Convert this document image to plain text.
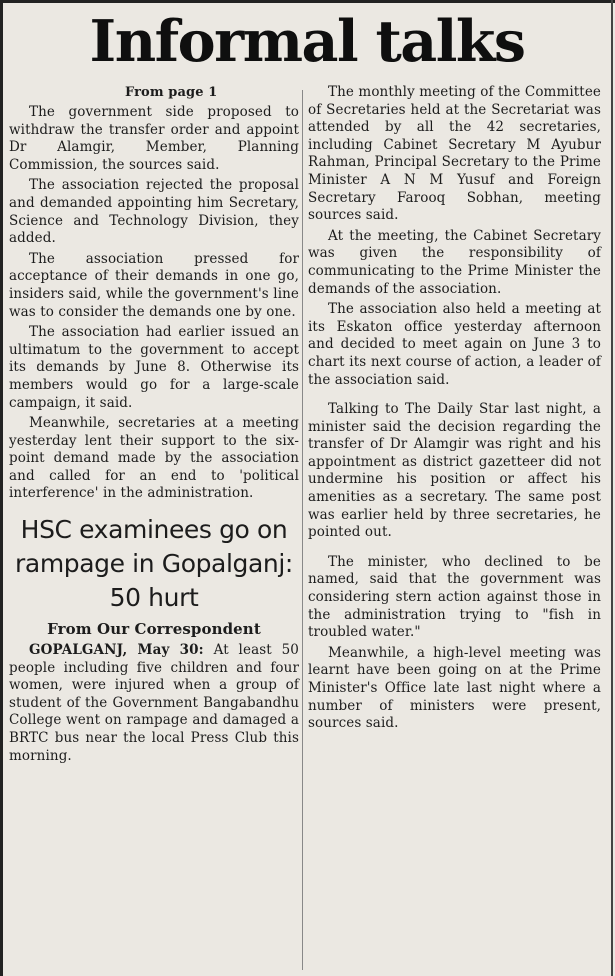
Informal talks

From page 1

The government side proposed to withdraw the transfer order and appoint Dr Alamgir, Member, Planning Commission, the sources said.

The association rejected the proposal and demanded appointing him Secretary, Science and Technology Division, they added.

The association pressed for acceptance of their demands in one go, insiders said, while the government's line was to consider the demands one by one.

The association had earlier issued an ultimatum to the government to accept its demands by June 8. Otherwise its members would go for a large-scale campaign, it said.

Meanwhile, secretaries at a meeting yesterday lent their support to the six-point demand made by the association and called for an end to 'political interference' in the administration.

HSC examinees go on rampage in Gopalganj: 50 hurt
From Our Correspondent

GOPALGANJ, May 30: At least 50 people including five children and four women, were injured when a group of student of the Government Bangabandhu College went on rampage and damaged a BRTC bus near the local Press Club this morning.

The monthly meeting of the Committee of Secretaries held at the Secretariat was attended by all the 42 secretaries, including Cabinet Secretary M Ayubur Rahman, Principal Secretary to the Prime Minister A N M Yusuf and Foreign Secretary Farooq Sobhan, meeting sources said.

At the meeting, the Cabinet Secretary was given the responsibility of communicating to the Prime Minister the demands of the association.

The association also held a meeting at its Eskaton office yesterday afternoon and decided to meet again on June 3 to chart its next course of action, a leader of the association said.

Talking to The Daily Star last night, a minister said the decision regarding the transfer of Dr Alamgir was right and his appointment as district gazetteer did not undermine his position or affect his amenities as a secretary. The same post was earlier held by three secretaries, he pointed out.

The minister, who declined to be named, said that the government was considering stern action against those in the administration trying to "fish in troubled water."

Meanwhile, a high-level meeting was learnt have been going on at the Prime Minister's Office late last night where a number of ministers were present, sources said.
